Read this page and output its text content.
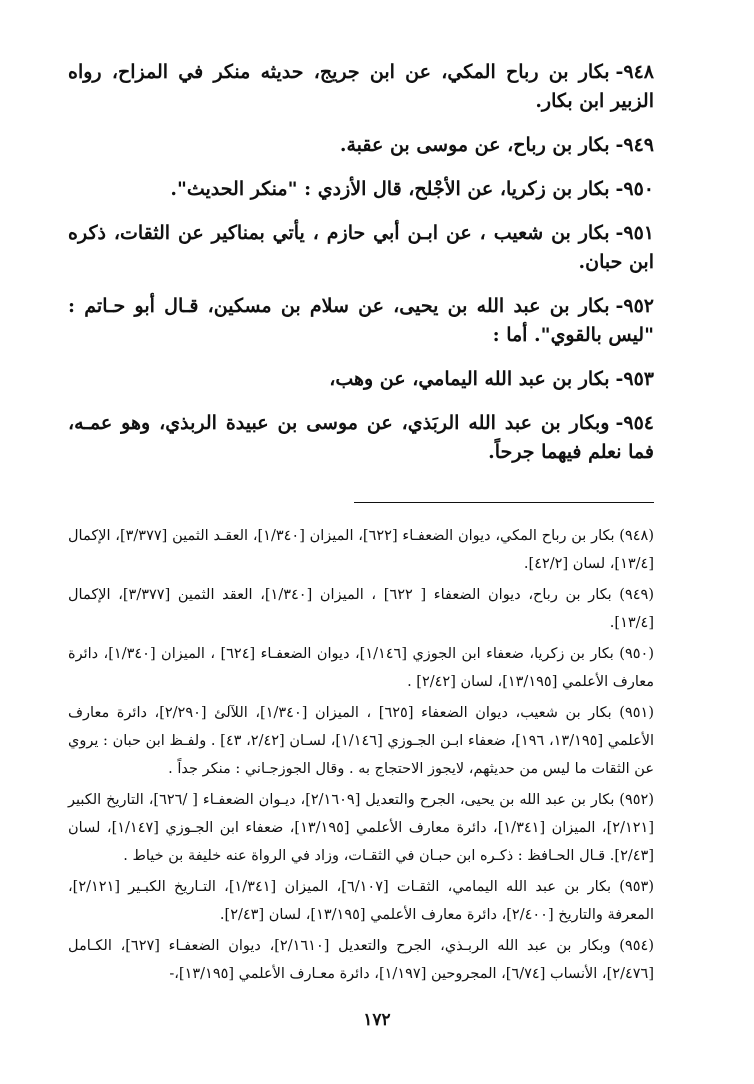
٩٤٨-بكار بن رباح المكي، عن ابن جريج، حديثه منكر في المزاح، رواه الزبير ابن بكار.

٩٤٩-بكار بن رباح، عن موسى بن عقبة.

٩٥٠-بكار بن زكريا، عن الأجْلح، قال الأزدي : "منكر الحديث".

٩٥١-بكار بن شعيب ، عن ابـن أبي حازم ، يأتي بمناكير عن الثقات، ذكره ابن حبان.

٩٥٢-بكار بن عبد الله بن يحيى، عن سلام بن مسكين، قـال أبو حـاتم : "ليس بالقوي". أما :

٩٥٣-بكار بن عبد الله اليمامي، عن وهب،

٩٥٤-وبكار بن عبد الله الربَذي، عن موسى بن عبيدة الربذي، وهو عمـه، فما نعلم فيهما جرحاً.

(٩٤٨) بكار بن رباح المكي، ديوان الضعفـاء [٦٢٢]، الميزان [١/٣٤٠]، العقـد الثمين [٣/٣٧٧]، الإكمال [١٣/٤]، لسان [٤٢/٢].

(٩٤٩) بكار بن رباح، ديوان الضعفاء [ ٦٢٢] ، الميزان [١/٣٤٠]، العقد الثمين [٣/٣٧٧]، الإكمال [١٣/٤].

(٩٥٠) بكار بن زكريا، ضعفاء ابن الجوزي [١/١٤٦]، ديوان الضعفـاء [٦٢٤] ، الميزان [١/٣٤٠]، دائرة معارف الأعلمي [١٣/١٩٥]، لسان [٢/٤٢] .

(٩٥١) بكار بن شعيب، ديوان الضعفاء [٦٢٥] ، الميزان [١/٣٤٠]، اللآلئ [٢/٢٩٠]، دائرة معارف الأعلمي [١٣/١٩٥، ١٩٦]، ضعفاء ابـن الجـوزي [١/١٤٦]، لسـان [٢/٤٢، ٤٣] . ولفـظ ابن حبان : يروي عن الثقات ما ليس من حديثهم، لايجوز الاحتجاج به . وقال الجوزجـاني : منكر جداً .

(٩٥٢) بكار بن عبد الله بن يحيى، الجرح والتعديل [٢/١٦٠٩]، ديـوان الضعفـاء [ /٦٢٦]، التاريخ الكبير [٢/١٢١]، الميزان [١/٣٤١]، دائرة معارف الأعلمي [١٣/١٩٥]، ضعفاء ابن الجـوزي [١/١٤٧]، لسان [٢/٤٣]. قـال الحـافظ : ذكـره ابن حبـان في الثقـات، وزاد في الرواة عنه خليفة بن خياط .

(٩٥٣) بكار بن عبد الله اليمامي، الثقـات [٦/١٠٧]، الميزان [١/٣٤١]، التـاريخ الكبـير [٢/١٢١]، المعرفة والتاريخ [٢/٤٠٠]، دائرة معارف الأعلمي [١٣/١٩٥]، لسان [٢/٤٣].

(٩٥٤) وبكار بن عبد الله الربـذي، الجرح والتعديل [٢/١٦١٠]، ديوان الضعفـاء [٦٢٧]، الكـامل [٢/٤٧٦]، الأنساب [٦/٧٤]، المجروحين [١/١٩٧]، دائرة معـارف الأعلمي [١٣/١٩٥]،-

١٧٢
